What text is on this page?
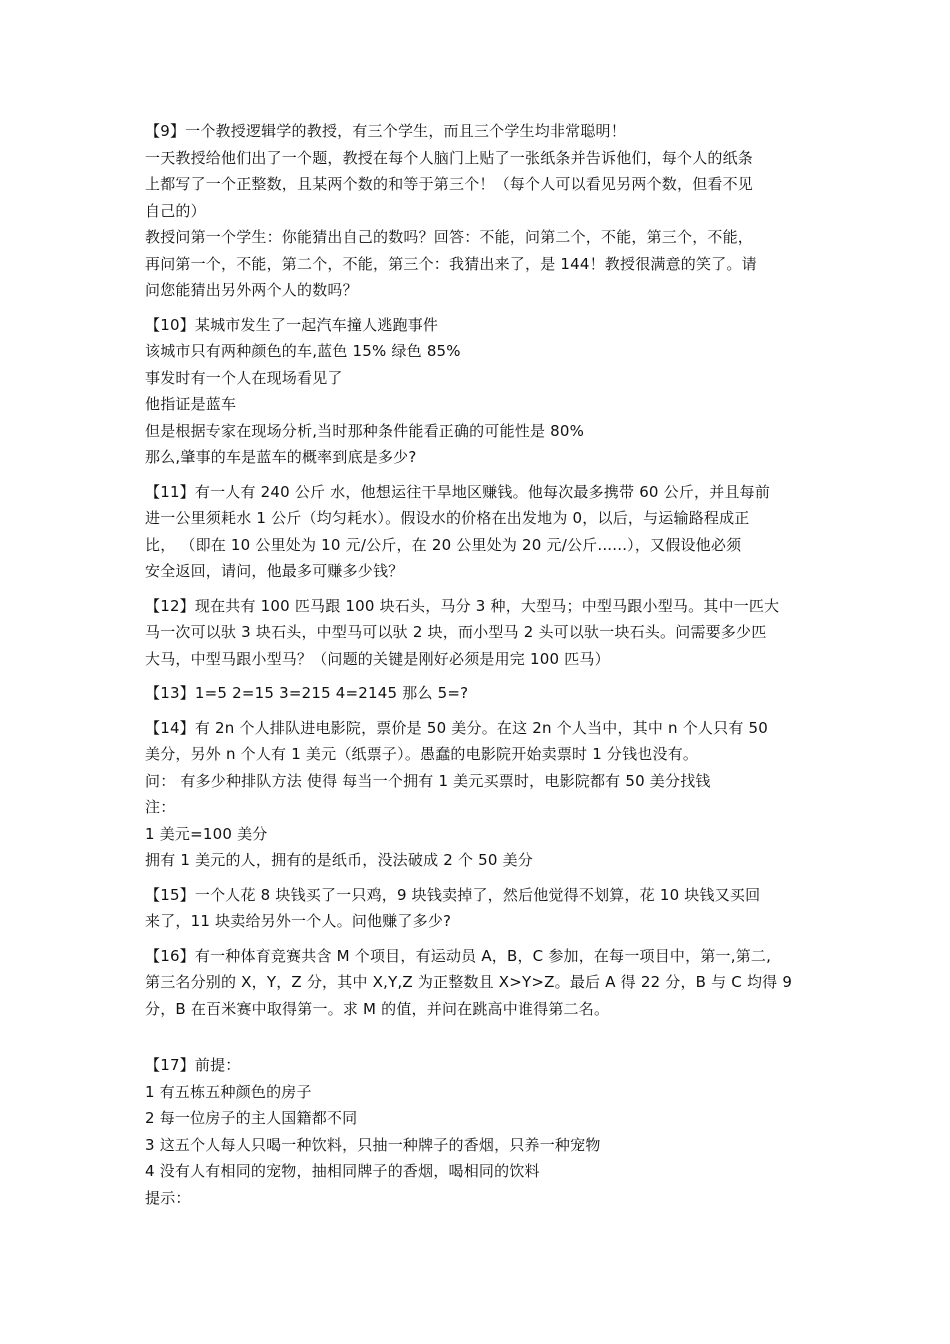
【9】一个教授逻辑学的教授，有三个学生，而且三个学生均非常聪明！
一天教授给他们出了一个题，教授在每个人脑门上贴了一张纸条并告诉他们，每个人的纸条
上都写了一个正整数，且某两个数的和等于第三个！（每个人可以看见另两个数，但看不见
自己的）
教授问第一个学生：你能猜出自己的数吗？回答：不能，问第二个，不能，第三个，不能，
再问第一个，不能，第二个，不能，第三个：我猜出来了，是 144！教授很满意的笑了。请
问您能猜出另外两个人的数吗？
【10】某城市发生了一起汽车撞人逃跑事件
该城市只有两种颜色的车,蓝色 15% 绿色 85%
事发时有一个人在现场看见了
他指证是蓝车
但是根据专家在现场分析,当时那种条件能看正确的可能性是 80%
那么,肇事的车是蓝车的概率到底是多少?
【11】有一人有 240 公斤 水，他想运往干旱地区赚钱。他每次最多携带 60 公斤，并且每前
进一公里须耗水 1 公斤（均匀耗水）。假设水的价格在出发地为 0，以后，与运输路程成正
比， （即在 10 公里处为 10 元/公斤，在 20 公里处为 20 元/公斤......），又假设他必须
安全返回，请问，他最多可赚多少钱？
【12】现在共有 100 匹马跟 100 块石头，马分 3 种，大型马；中型马跟小型马。其中一匹大
马一次可以驮 3 块石头，中型马可以驮 2 块，而小型马 2 头可以驮一块石头。问需要多少匹
大马，中型马跟小型马？（问题的关键是刚好必须是用完 100 匹马）
【13】1=5 2=15 3=215 4=2145 那么 5=?
【14】有 2n 个人排队进电影院，票价是 50 美分。在这 2n 个人当中，其中 n 个人只有 50
美分，另外 n 个人有 1 美元（纸票子）。愚蠢的电影院开始卖票时 1 分钱也没有。
问： 有多少种排队方法 使得 每当一个拥有 1 美元买票时，电影院都有 50 美分找钱
注：
1 美元=100 美分
拥有 1 美元的人，拥有的是纸币，没法破成 2 个 50 美分
【15】一个人花 8 块钱买了一只鸡，9 块钱卖掉了，然后他觉得不划算，花 10 块钱又买回
来了，11 块卖给另外一个人。问他赚了多少?
【16】有一种体育竞赛共含 M 个项目，有运动员 A，B，C 参加，在每一项目中，第一,第二,
第三名分别的 X，Y，Z 分，其中 X,Y,Z 为正整数且 X>Y>Z。最后 A 得 22 分，B 与 C 均得 9
分，B 在百米赛中取得第一。求 M 的值，并问在跳高中谁得第二名。
【17】前提：
1 有五栋五种颜色的房子
2 每一位房子的主人国籍都不同
3 这五个人每人只喝一种饮料，只抽一种牌子的香烟，只养一种宠物
4 没有人有相同的宠物，抽相同牌子的香烟，喝相同的饮料
提示：
